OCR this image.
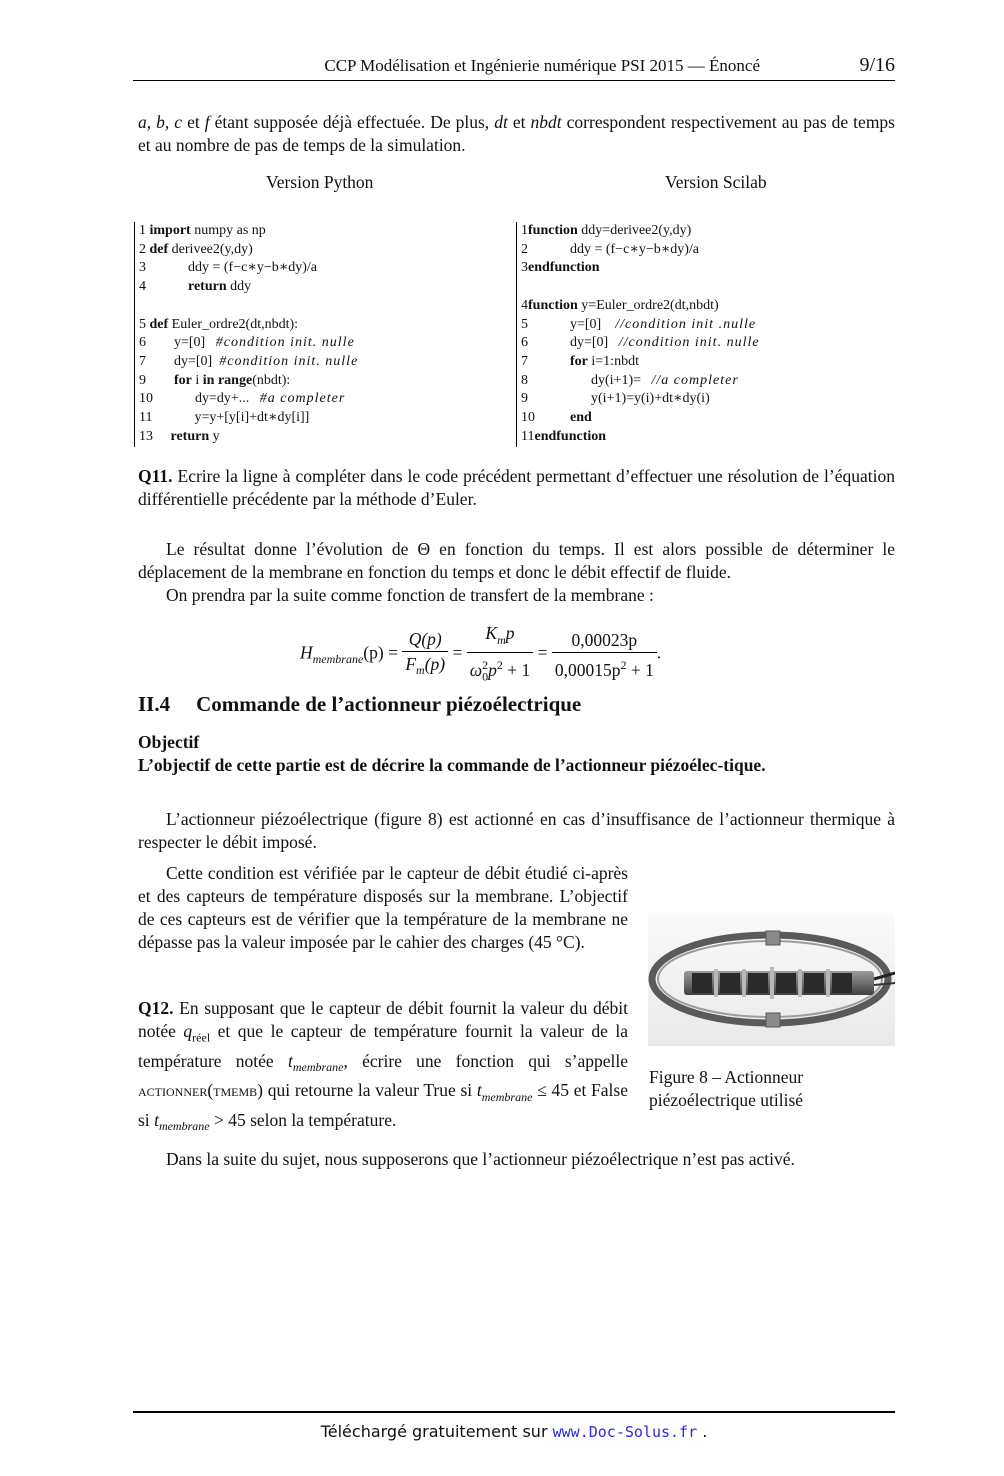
CCP Modélisation et Ingénierie numérique PSI 2015 — Énoncé	9/16
a, b, c et f étant supposée déjà effectuée. De plus, dt et nbdt correspondent respectivement au pas de temps et au nombre de pas de temps de la simulation.
Version Python	Version Scilab
1 import numpy as np
2 def derivee2(y,dy)
3            ddy = (f−c∗y−b∗dy)/a
4            return ddy

5 def Euler_ordre2(dt,nbdt):
6        y=[0]   #condition init. nulle
7        dy=[0]  #condition init. nulle
9        for i in range(nbdt):
10            dy=dy+...   #a completer
11            y=y+[y[i]+dt∗dy[i]]
13     return y
1function ddy=derivee2(y,dy)
2            ddy = (f−c∗y−b∗dy)/a
3endfunction

4function y=Euler_ordre2(dt,nbdt)
5            y=[0]    //condition init .nulle
6            dy=[0]   //condition init. nulle
7            for i=1:nbdt
8                  dy(i+1)=   //a completer
9                  y(i+1)=y(i)+dt∗dy(i)
10          end
11endfunction
Q11. Ecrire la ligne à compléter dans le code précédent permettant d’effectuer une résolution de l’équation différentielle précédente par la méthode d’Euler.
Le résultat donne l’évolution de Θ en fonction du temps. Il est alors possible de déterminer le déplacement de la membrane en fonction du temps et donc le débit effectif de fluide.
On prendra par la suite comme fonction de transfert de la membrane :
$H_{membrane}(p) = \frac{Q(p)}{F_m(p)} = \frac{K_mp}{\omega_0^2p^2 + 1} = \frac{0,00023p}{0,00015p^2 + 1}$ .
II.4 Commande de l’actionneur piézoélectrique
Objectif
L’objectif de cette partie est de décrire la commande de l’actionneur piézoélec-tique.
L’actionneur piézoélectrique (figure 8) est actionné en cas d’insuffisance de l’actionneur thermique à respecter le débit imposé.
Cette condition est vérifiée par le capteur de débit étudié ci-après et des capteurs de température disposés sur la membrane. L’objectif de ces capteurs est de vérifier que la température de la membrane ne dépasse pas la valeur imposée par le cahier des charges (45 °C).
Q12. En supposant que le capteur de débit fournit la valeur du débit notée $q_{réel}$ et que le capteur de température fournit la valeur de la température notée $t_{membrane}$, écrire une fonction qui s’appelle actionner(tmemb) qui retourne la valeur True si $t_{membrane} \le 45$ et False si $t_{membrane} > 45$ selon la température.
Figure 8 – Actionneur piézoélectrique utilisé
Dans la suite du sujet, nous supposerons que l’actionneur piézoélectrique n’est pas activé.
Téléchargé gratuitement sur www.Doc-Solus.fr .
